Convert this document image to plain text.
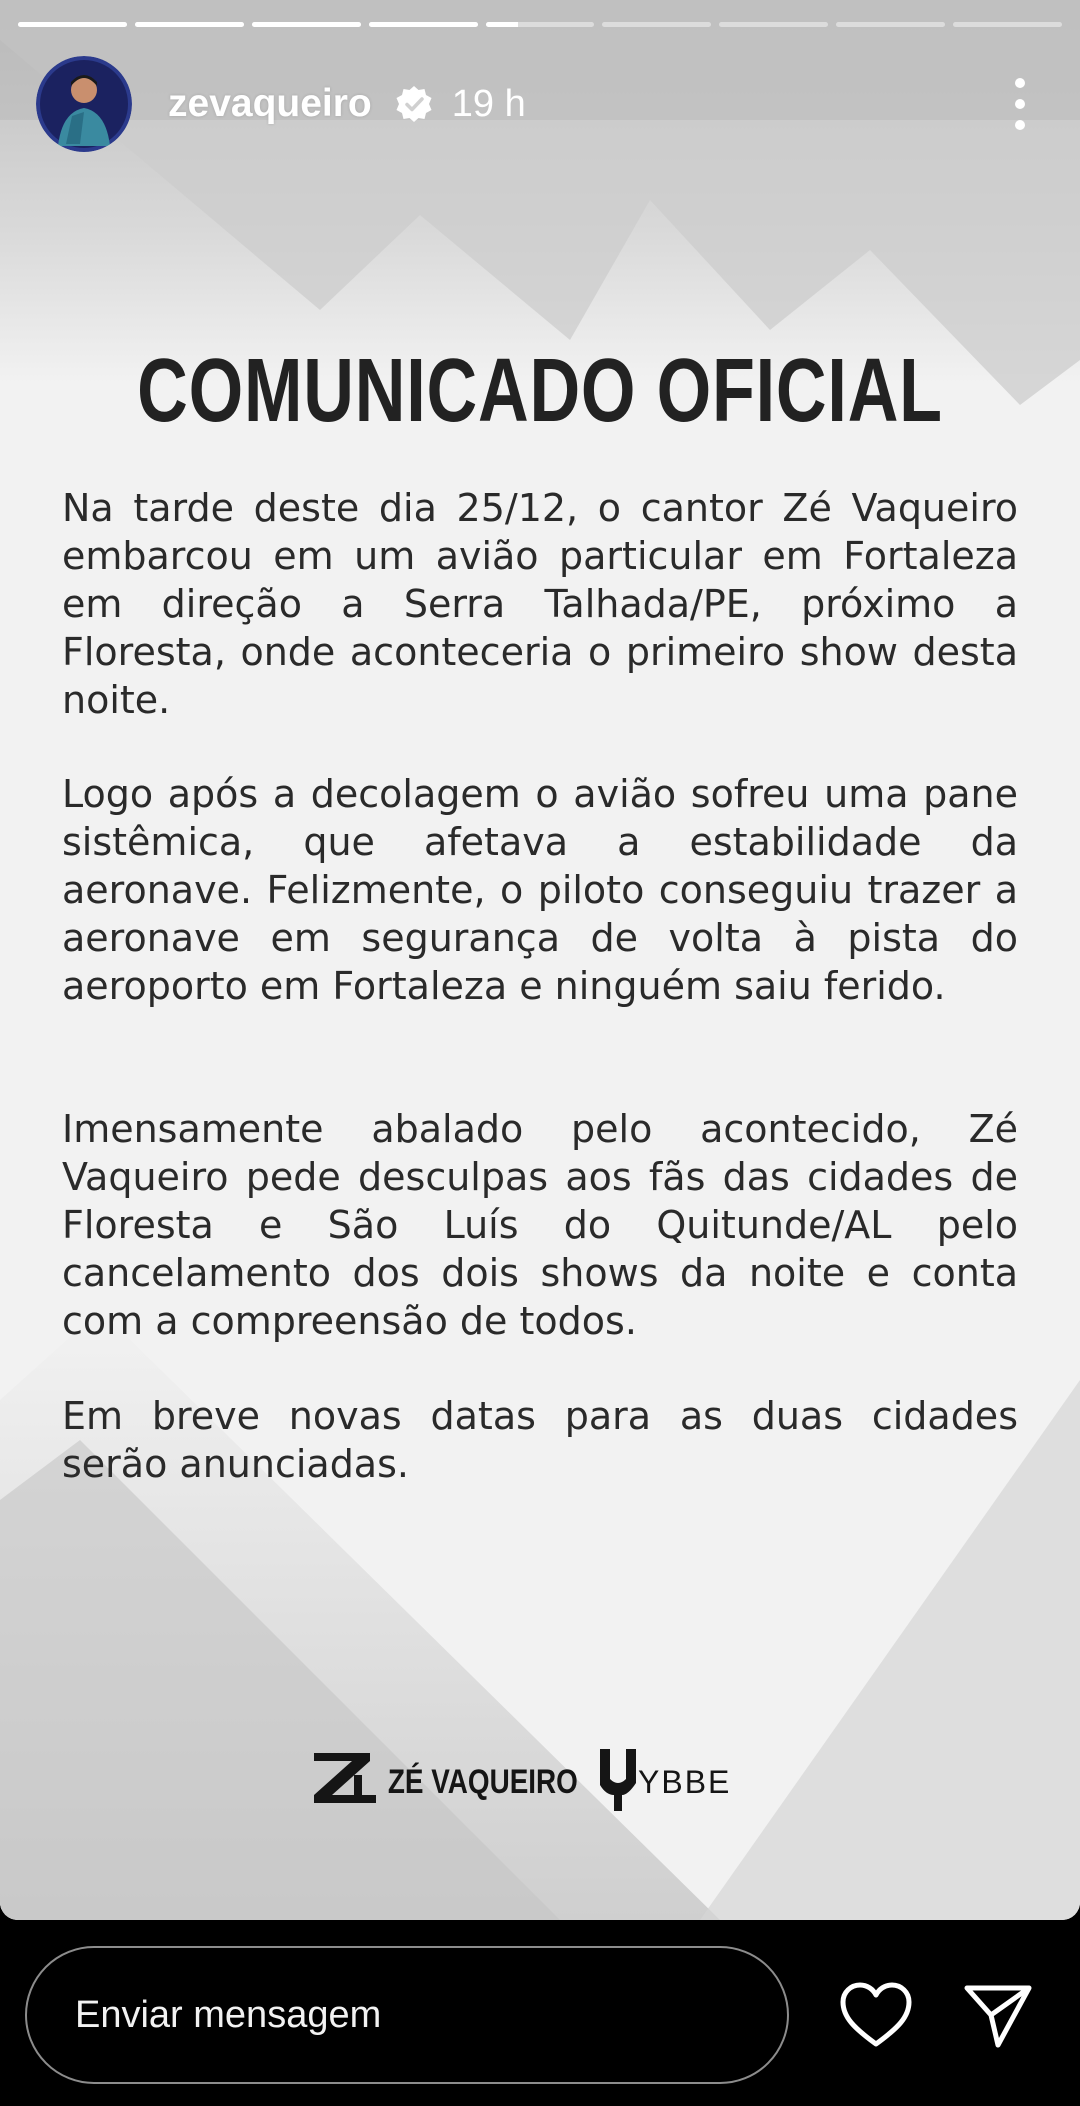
zevaqueiro 19 h
COMUNICADO OFICIAL

Na tarde deste dia 25/12, o cantor Zé Vaqueiro embarcou em um avião particular em Fortaleza em direção a Serra Talhada/PE, próximo a Floresta, onde aconteceria o primeiro show desta noite.

Logo após a decolagem o avião sofreu uma pane sistêmica, que afetava a estabilidade da aeronave. Felizmente, o piloto conseguiu trazer a aeronave em segurança de volta à pista do aeroporto em Fortaleza e ninguém saiu ferido.

Imensamente abalado pelo acontecido, Zé Vaqueiro pede desculpas aos fãs das cidades de Floresta e São Luís do Quitunde/AL pelo cancelamento dos dois shows da noite e conta com a compreensão de todos.

Em breve novas datas para as duas cidades serão anunciadas.

ZÉ VAQUEIRO YBBE
Enviar mensagem
